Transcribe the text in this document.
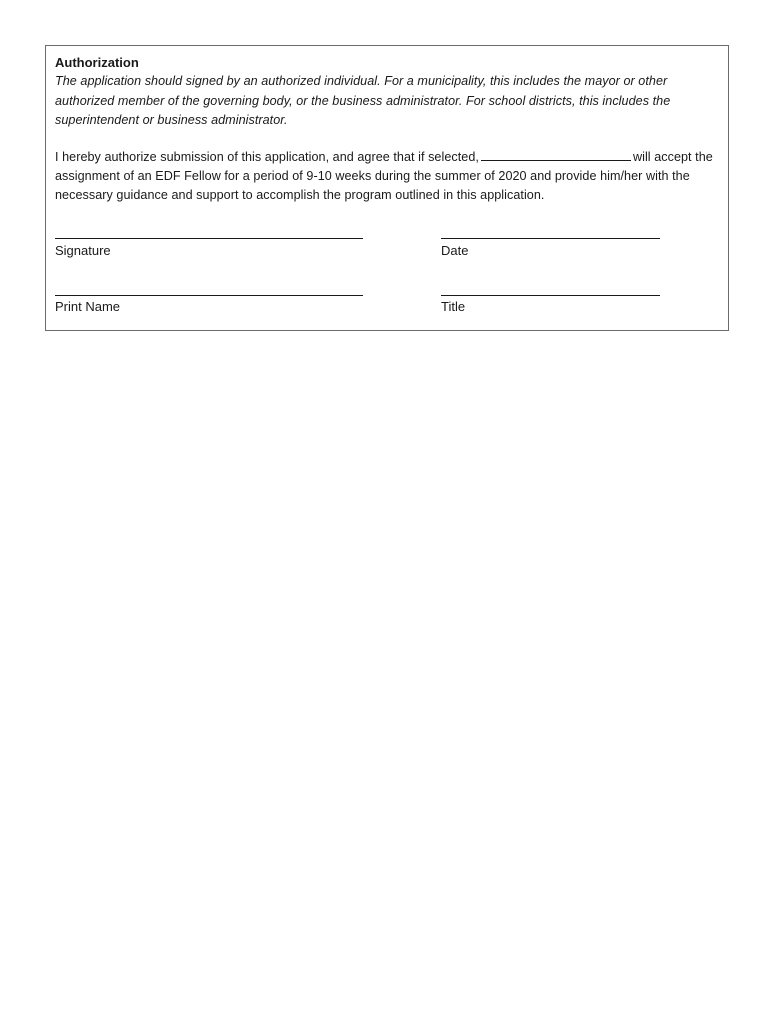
Authorization

The application should signed by an authorized individual. For a municipality, this includes the mayor or other authorized member of the governing body, or the business administrator. For school districts, this includes the superintendent or business administrator.

I hereby authorize submission of this application, and agree that if selected,	will accept the assignment of an EDF Fellow for a period of 9-10 weeks during the summer of 2020 and provide him/her with the necessary guidance and support to accomplish the program outlined in this application.

Signature	Date
Print Name	Title
